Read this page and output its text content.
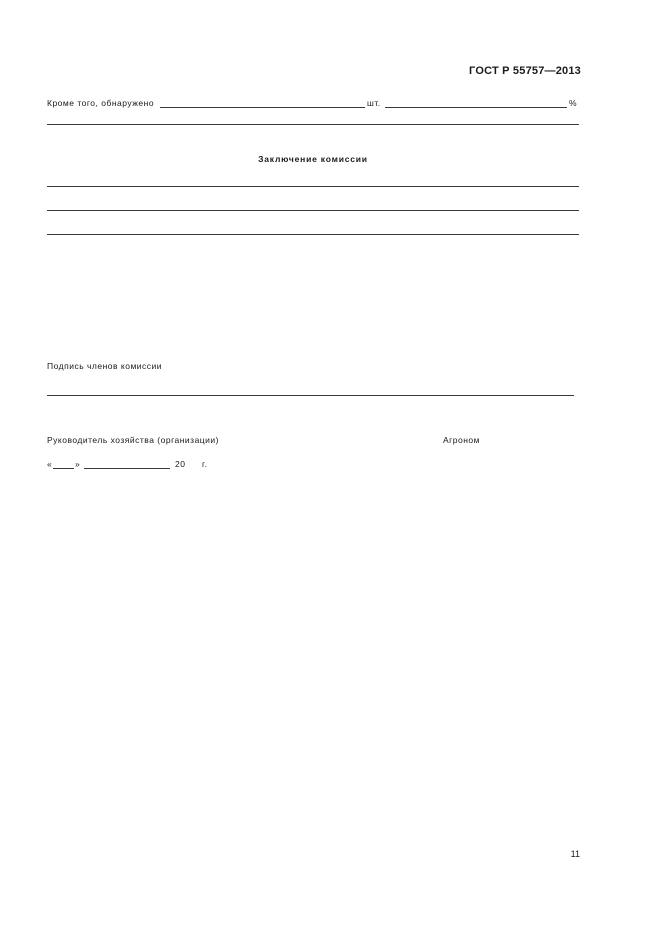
ГОСТ Р 55757—2013
Кроме того, обнаружено	шт.	%
Заключение комиссии
Подпись членов комиссии
Руководитель хозяйства (организации)	Агроном
«	»	20 г.
11
